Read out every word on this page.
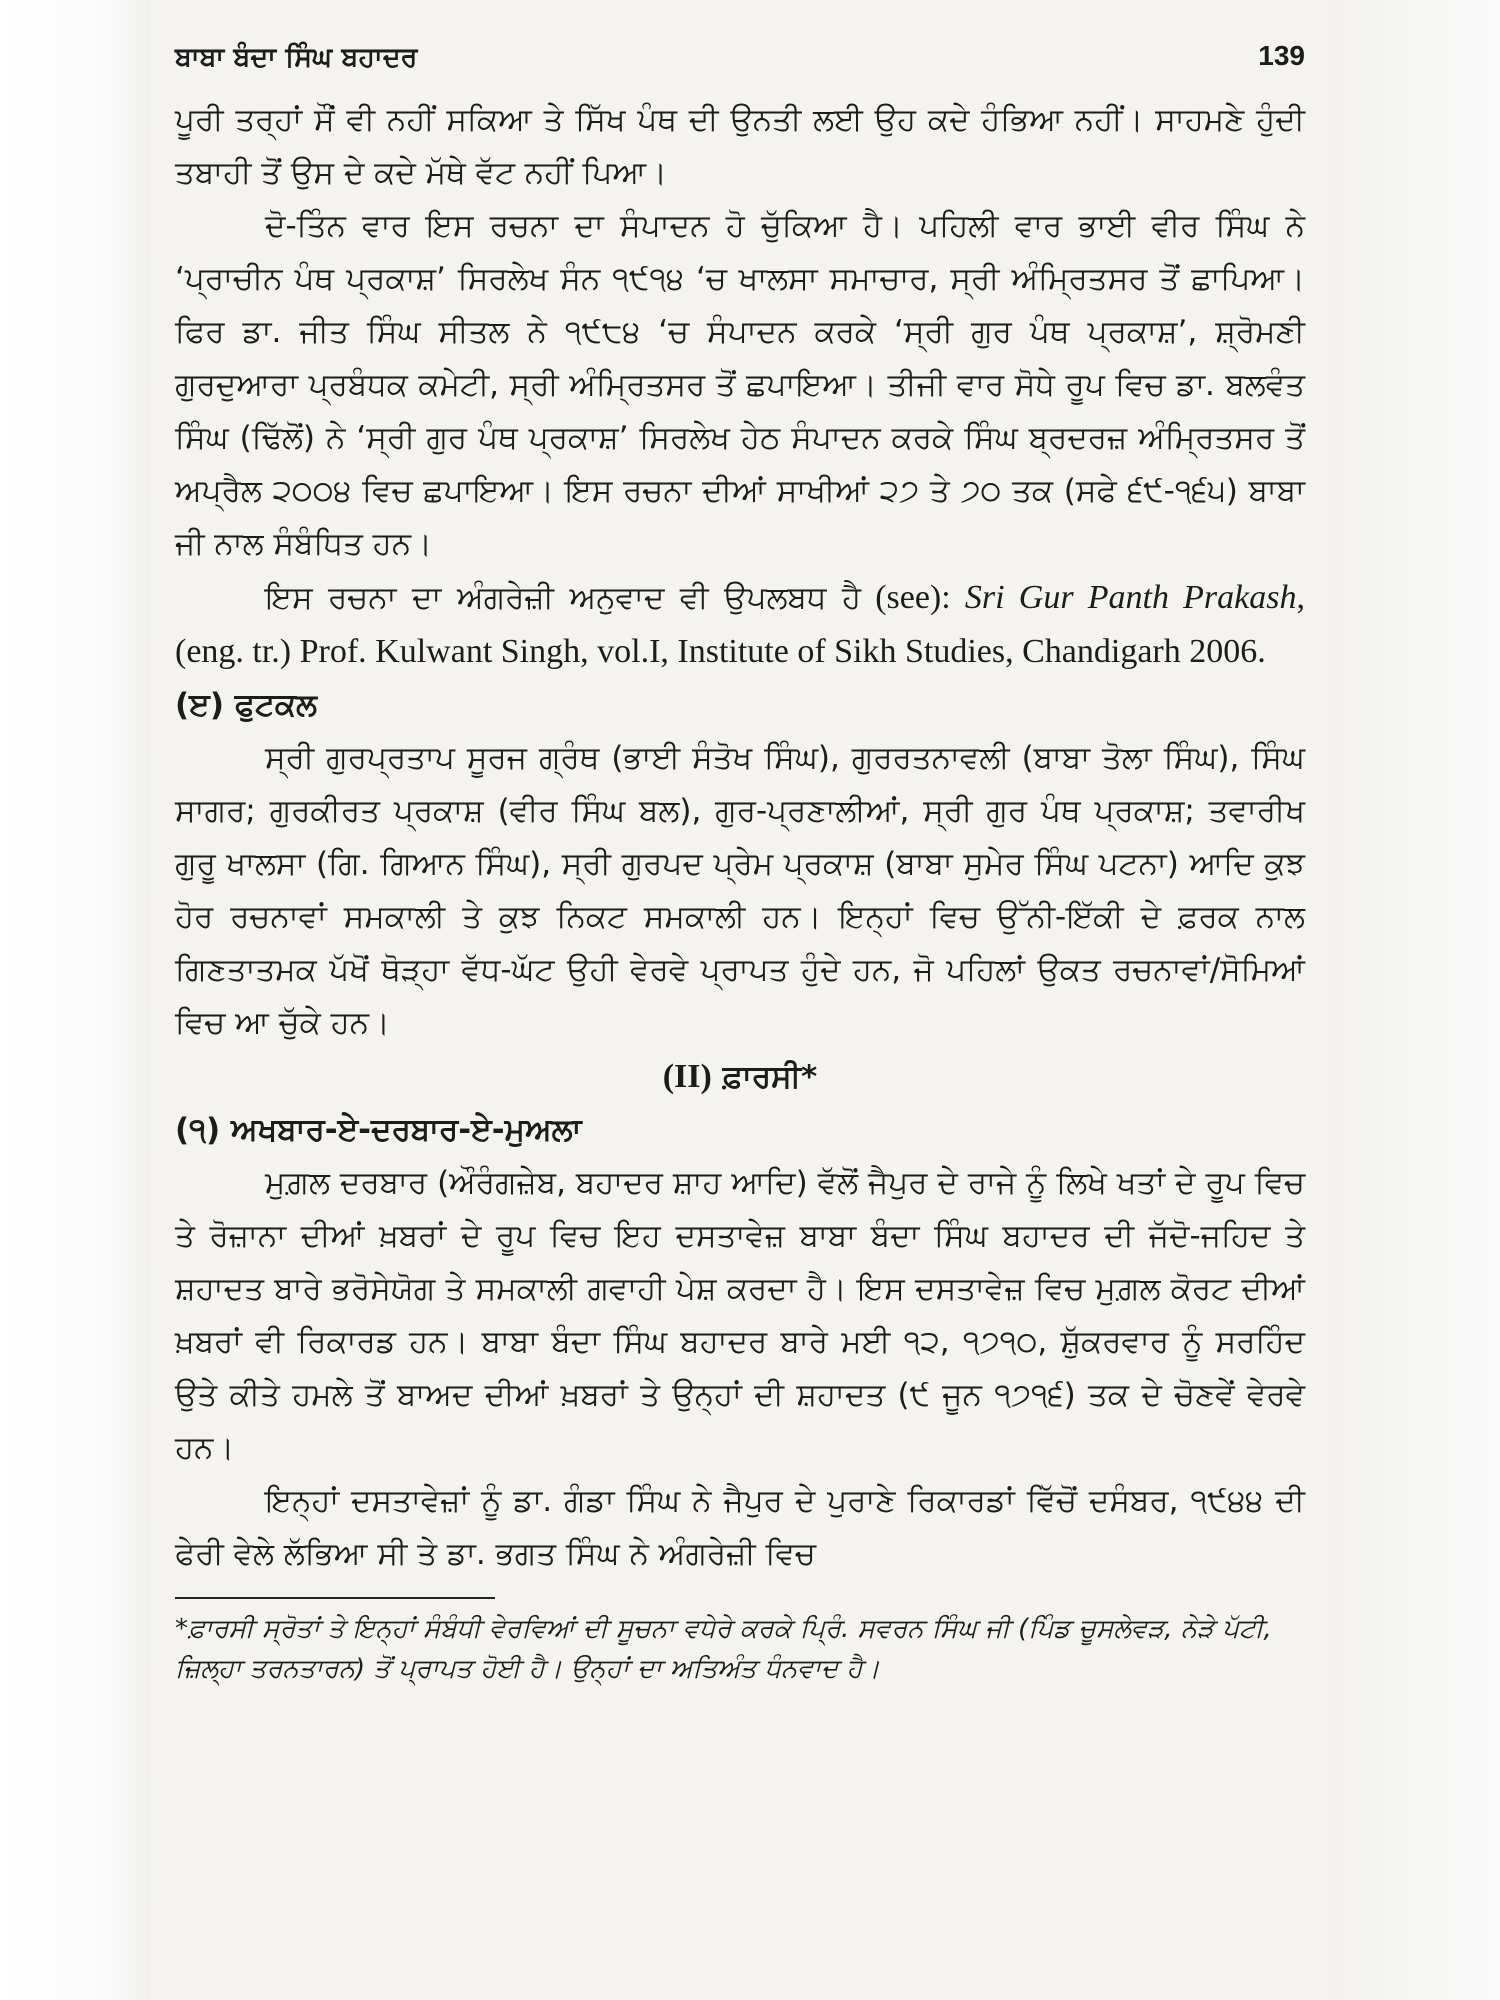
ਬਾਬਾ ਬੰਦਾ ਸਿੰਘ ਬਹਾਦਰ	139

ਪੂਰੀ ਤਰ੍ਹਾਂ ਸੌਂ ਵੀ ਨਹੀਂ ਸਕਿਆ ਤੇ ਸਿੱਖ ਪੰਥ ਦੀ ਉਨਤੀ ਲਈ ਉਹ ਕਦੇ ਹੰਭਿਆ ਨਹੀਂ। ਸਾਹਮਣੇ ਹੁੰਦੀ ਤਬਾਹੀ ਤੋਂ ਉਸ ਦੇ ਕਦੇ ਮੱਥੇ ਵੱਟ ਨਹੀਂ ਪਿਆ।

ਦੋ-ਤਿੰਨ ਵਾਰ ਇਸ ਰਚਨਾ ਦਾ ਸੰਪਾਦਨ ਹੋ ਚੁੱਕਿਆ ਹੈ। ਪਹਿਲੀ ਵਾਰ ਭਾਈ ਵੀਰ ਸਿੰਘ ਨੇ ‘ਪ੍ਰਾਚੀਨ ਪੰਥ ਪ੍ਰਕਾਸ਼’ ਸਿਰਲੇਖ ਸੰਨ ੧੯੧੪ ‘ਚ ਖਾਲਸਾ ਸਮਾਚਾਰ, ਸ੍ਰੀ ਅੰਮ੍ਰਿਤਸਰ ਤੋਂ ਛਾਪਿਆ। ਫਿਰ ਡਾ. ਜੀਤ ਸਿੰਘ ਸੀਤਲ ਨੇ ੧੯੮੪ ‘ਚ ਸੰਪਾਦਨ ਕਰਕੇ ‘ਸ੍ਰੀ ਗੁਰ ਪੰਥ ਪ੍ਰਕਾਸ਼’, ਸ਼੍ਰੋਮਣੀ ਗੁਰਦੁਆਰਾ ਪ੍ਰਬੰਧਕ ਕਮੇਟੀ, ਸ੍ਰੀ ਅੰਮ੍ਰਿਤਸਰ ਤੋਂ ਛਪਾਇਆ। ਤੀਜੀ ਵਾਰ ਸੋਧੇ ਰੂਪ ਵਿਚ ਡਾ. ਬਲਵੰਤ ਸਿੰਘ (ਢਿੱਲੋਂ) ਨੇ ‘ਸ੍ਰੀ ਗੁਰ ਪੰਥ ਪ੍ਰਕਾਸ਼’ ਸਿਰਲੇਖ ਹੇਠ ਸੰਪਾਦਨ ਕਰਕੇ ਸਿੰਘ ਬ੍ਰਦਰਜ਼ ਅੰਮ੍ਰਿਤਸਰ ਤੋਂ ਅਪ੍ਰੈਲ ੨੦੦੪ ਵਿਚ ਛਪਾਇਆ। ਇਸ ਰਚਨਾ ਦੀਆਂ ਸਾਖੀਆਂ ੨੭ ਤੇ ੭੦ ਤਕ (ਸਫੇ ੬੯-੧੬੫) ਬਾਬਾ ਜੀ ਨਾਲ ਸੰਬੰਧਿਤ ਹਨ।

ਇਸ ਰਚਨਾ ਦਾ ਅੰਗਰੇਜ਼ੀ ਅਨੁਵਾਦ ਵੀ ਉਪਲਬਧ ਹੈ (see): Sri Gur Panth Prakash, (eng. tr.) Prof. Kulwant Singh, vol.I, Institute of Sikh Studies, Chandigarh 2006.

(ੲ) ਫੁਟਕਲ

ਸ੍ਰੀ ਗੁਰਪ੍ਰਤਾਪ ਸੂਰਜ ਗ੍ਰੰਥ (ਭਾਈ ਸੰਤੋਖ ਸਿੰਘ), ਗੁਰਰਤਨਾਵਲੀ (ਬਾਬਾ ਤੋਲਾ ਸਿੰਘ), ਸਿੰਘ ਸਾਗਰ; ਗੁਰਕੀਰਤ ਪ੍ਰਕਾਸ਼ (ਵੀਰ ਸਿੰਘ ਬਲ), ਗੁਰ-ਪ੍ਰਣਾਲੀਆਂ, ਸ੍ਰੀ ਗੁਰ ਪੰਥ ਪ੍ਰਕਾਸ਼; ਤਵਾਰੀਖ ਗੁਰੂ ਖਾਲਸਾ (ਗਿ. ਗਿਆਨ ਸਿੰਘ), ਸ੍ਰੀ ਗੁਰਪਦ ਪ੍ਰੇਮ ਪ੍ਰਕਾਸ਼ (ਬਾਬਾ ਸੁਮੇਰ ਸਿੰਘ ਪਟਨਾ) ਆਦਿ ਕੁਝ ਹੋਰ ਰਚਨਾਵਾਂ ਸਮਕਾਲੀ ਤੇ ਕੁਝ ਨਿਕਟ ਸਮਕਾਲੀ ਹਨ। ਇਨ੍ਹਾਂ ਵਿਚ ਉੱਨੀ-ਇੱਕੀ ਦੇ ਫ਼ਰਕ ਨਾਲ ਗਿਣਤਾਤਮਕ ਪੱਖੋਂ ਥੋੜ੍ਹਾ ਵੱਧ-ਘੱਟ ਉਹੀ ਵੇਰਵੇ ਪ੍ਰਾਪਤ ਹੁੰਦੇ ਹਨ, ਜੋ ਪਹਿਲਾਂ ਉਕਤ ਰਚਨਾਵਾਂ/ਸੋਮਿਆਂ ਵਿਚ ਆ ਚੁੱਕੇ ਹਨ।

(II) ਫ਼ਾਰਸੀ*

(੧) ਅਖਬਾਰ-ਏ-ਦਰਬਾਰ-ਏ-ਮੁਅਲਾ

ਮੁਗ਼ਲ ਦਰਬਾਰ (ਔਰੰਗਜ਼ੇਬ, ਬਹਾਦਰ ਸ਼ਾਹ ਆਦਿ) ਵੱਲੋਂ ਜੈਪੁਰ ਦੇ ਰਾਜੇ ਨੂੰ ਲਿਖੇ ਖਤਾਂ ਦੇ ਰੂਪ ਵਿਚ ਤੇ ਰੋਜ਼ਾਨਾ ਦੀਆਂ ਖ਼ਬਰਾਂ ਦੇ ਰੂਪ ਵਿਚ ਇਹ ਦਸਤਾਵੇਜ਼ ਬਾਬਾ ਬੰਦਾ ਸਿੰਘ ਬਹਾਦਰ ਦੀ ਜੱਦੋ-ਜਹਿਦ ਤੇ ਸ਼ਹਾਦਤ ਬਾਰੇ ਭਰੋਸੇਯੋਗ ਤੇ ਸਮਕਾਲੀ ਗਵਾਹੀ ਪੇਸ਼ ਕਰਦਾ ਹੈ। ਇਸ ਦਸਤਾਵੇਜ਼ ਵਿਚ ਮੁਗ਼ਲ ਕੋਰਟ ਦੀਆਂ ਖ਼ਬਰਾਂ ਵੀ ਰਿਕਾਰਡ ਹਨ। ਬਾਬਾ ਬੰਦਾ ਸਿੰਘ ਬਹਾਦਰ ਬਾਰੇ ਮਈ ੧੨, ੧੭੧੦, ਸ਼ੁੱਕਰਵਾਰ ਨੂੰ ਸਰਹਿੰਦ ਉਤੇ ਕੀਤੇ ਹਮਲੇ ਤੋਂ ਬਾਅਦ ਦੀਆਂ ਖ਼ਬਰਾਂ ਤੇ ਉਨ੍ਹਾਂ ਦੀ ਸ਼ਹਾਦਤ (੯ ਜੂਨ ੧੭੧੬) ਤਕ ਦੇ ਚੋਣਵੇਂ ਵੇਰਵੇ ਹਨ।

ਇਨ੍ਹਾਂ ਦਸਤਾਵੇਜ਼ਾਂ ਨੂੰ ਡਾ. ਗੰਡਾ ਸਿੰਘ ਨੇ ਜੈਪੁਰ ਦੇ ਪੁਰਾਣੇ ਰਿਕਾਰਡਾਂ ਵਿੱਚੋਂ ਦਸੰਬਰ, ੧੯੪੪ ਦੀ ਫੇਰੀ ਵੇਲੇ ਲੱਭਿਆ ਸੀ ਤੇ ਡਾ. ਭਗਤ ਸਿੰਘ ਨੇ ਅੰਗਰੇਜ਼ੀ ਵਿਚ

*ਫ਼ਾਰਸੀ ਸ੍ਰੋਤਾਂ ਤੇ ਇਨ੍ਹਾਂ ਸੰਬੰਧੀ ਵੇਰਵਿਆਂ ਦੀ ਸੂਚਨਾ ਵਧੇਰੇ ਕਰਕੇ ਪ੍ਰਿੰ. ਸਵਰਨ ਸਿੰਘ ਜੀ (ਪਿੰਡ ਚੂਸਲੇਵੜ, ਨੇੜੇ ਪੱਟੀ, ਜ਼ਿਲ੍ਹਾ ਤਰਨਤਾਰਨ) ਤੋਂ ਪ੍ਰਾਪਤ ਹੋਈ ਹੈ। ਉਨ੍ਹਾਂ ਦਾ ਅਤਿਅੰਤ ਧੰਨਵਾਦ ਹੈ।
